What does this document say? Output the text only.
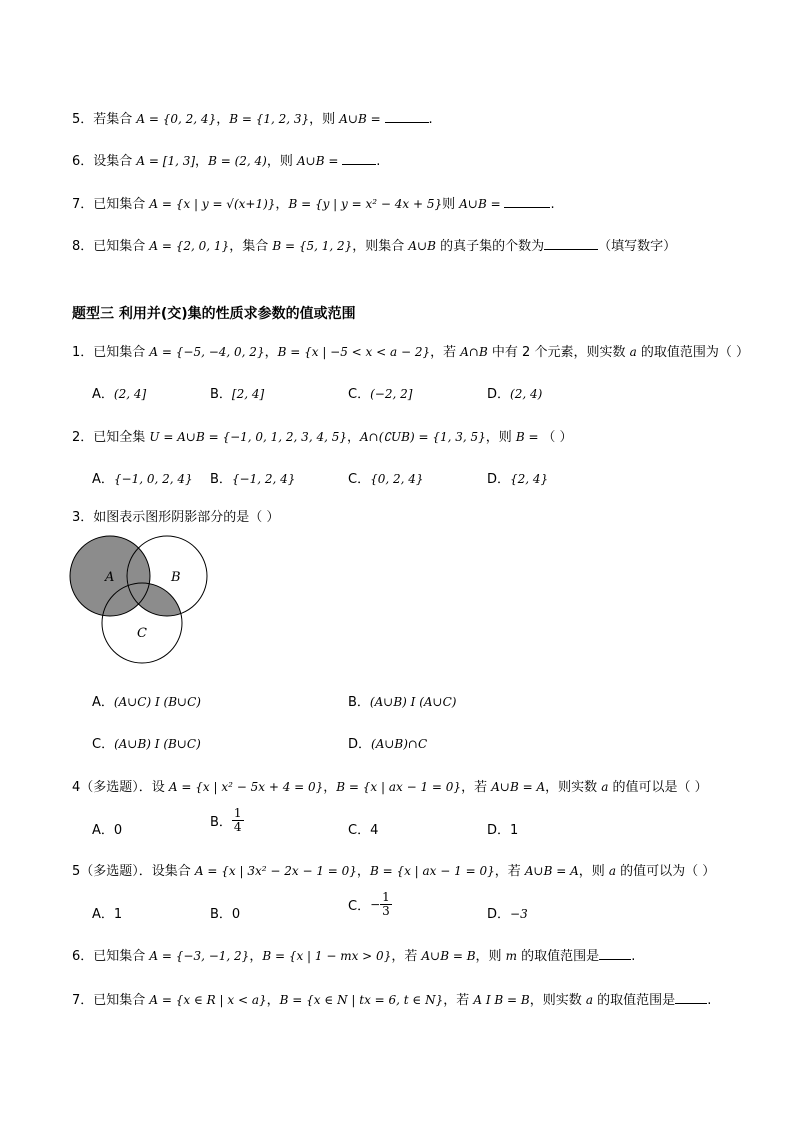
5．若集合 A = {0, 2, 4}，B = {1, 2, 3}，则 A∪B =	.
6．设集合 A = [1, 3]，B = (2, 4)，则 A∪B =	.
7．已知集合 A = {x | y = √(x+1)}，B = {y | y = x² − 4x + 5}则 A∪B =	.
8．已知集合 A = {2, 0, 1}，集合 B = {5, 1, 2}，则集合 A∪B 的真子集的个数为	（填写数字）
题型三 利用并(交)集的性质求参数的值或范围
1．已知集合 A = {−5, −4, 0, 2}，B = {x | −5 < x < a − 2}，若 A∩B 中有 2 个元素，则实数 a 的取值范围为（ ）
A．(2, 4]	B．[2, 4]	C．(−2, 2]	D．(2, 4)
2．已知全集 U = A∪B = {−1, 0, 1, 2, 3, 4, 5}，A∩(∁UB) = {1, 3, 5}，则 B = （ ）
A．{−1, 0, 2, 4} B．{−1, 2, 4}	C．{0, 2, 4}	D．{2, 4}
3．如图表示图形阴影部分的是（ ）
A	B
C
A．(A∪C) I (B∪C)	B．(A∪B) I (A∪C)
C．(A∪B) I (B∪C)	D．(A∪B)∩C
4（多选题）．设 A = {x | x² − 5x + 4 = 0}，B = {x | ax − 1 = 0}，若 A∪B = A，则实数 a 的值可以是（ ）
A．0
B． $\frac{1}{4}$	C．4	D．1
5（多选题）．设集合 A = {x | 3x² − 2x − 1 = 0}，B = {x | ax − 1 = 0}，若 A∪B = A，则 a 的值可以为（ ）
A．1	B．0
C．− $\frac{1}{3}$	D．−3
6．已知集合 A = {−3, −1, 2}，B = {x | 1 − mx > 0}，若 A∪B = B，则 m 的取值范围是 .
7．已知集合 A = {x ∈ R | x < a}，B = {x ∈ N | tx = 6, t ∈ N}，若 A I B = B，则实数 a 的取值范围是 .
